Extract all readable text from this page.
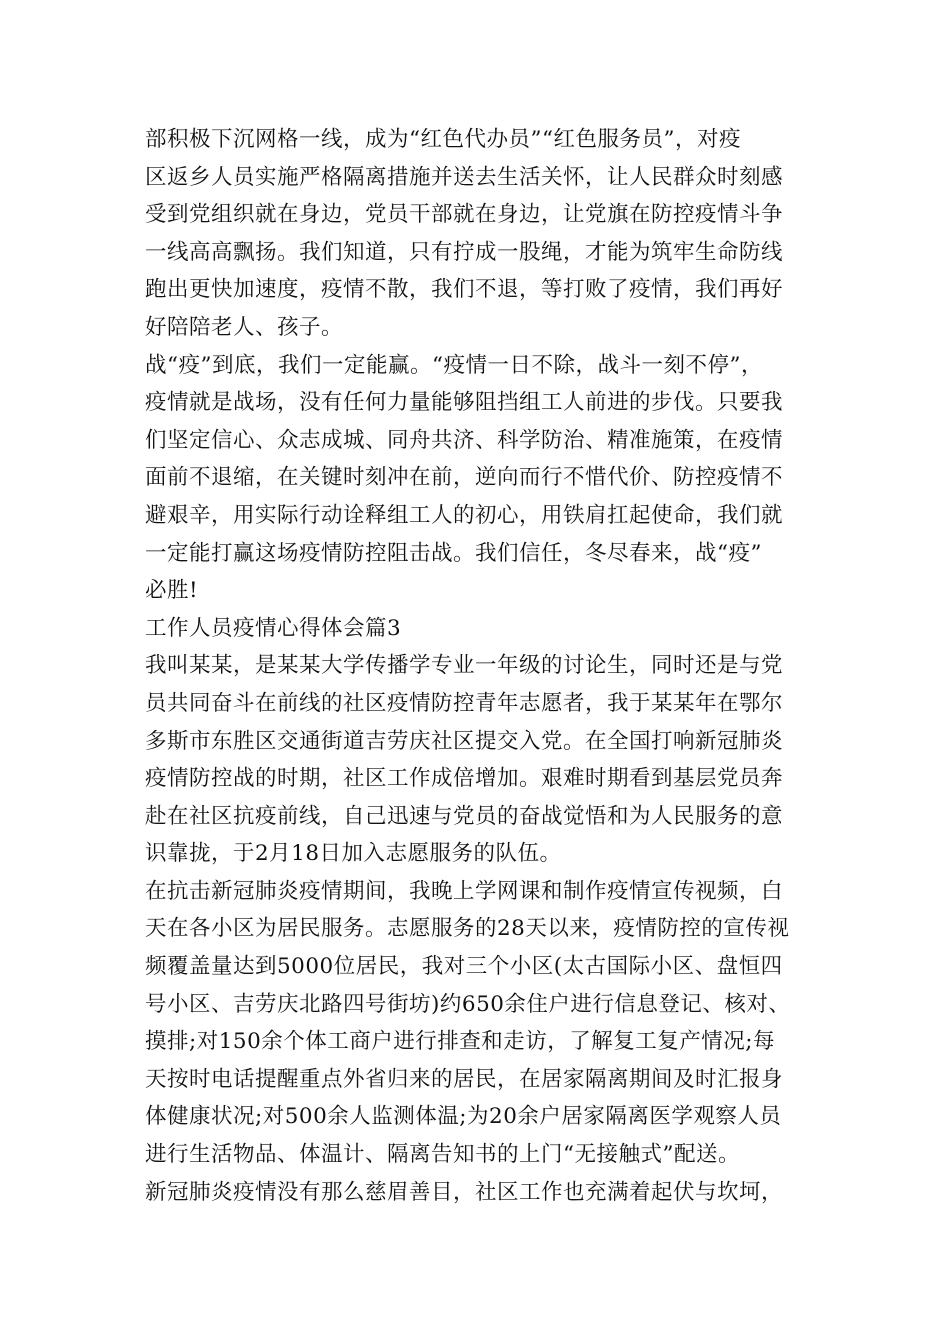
部积极下沉网格一线，成为“红色代办员”“红色服务员”，对疫
区返乡人员实施严格隔离措施并送去生活关怀，让人民群众时刻感
受到党组织就在身边，党员干部就在身边，让党旗在防控疫情斗争
一线高高飘扬。我们知道，只有拧成一股绳，才能为筑牢生命防线
跑出更快加速度，疫情不散，我们不退，等打败了疫情，我们再好
好陪陪老人、孩子。
战“疫”到底，我们一定能赢。“疫情一日不除，战斗一刻不停”，
疫情就是战场，没有任何力量能够阻挡组工人前进的步伐。只要我
们坚定信心、众志成城、同舟共济、科学防治、精准施策，在疫情
面前不退缩，在关键时刻冲在前，逆向而行不惜代价、防控疫情不
避艰辛，用实际行动诠释组工人的初心，用铁肩扛起使命，我们就
一定能打赢这场疫情防控阻击战。我们信任，冬尽春来，战“疫”
必胜!
工作人员疫情心得体会篇3
我叫某某，是某某大学传播学专业一年级的讨论生，同时还是与党
员共同奋斗在前线的社区疫情防控青年志愿者，我于某某年在鄂尔
多斯市东胜区交通街道吉劳庆社区提交入党。在全国打响新冠肺炎
疫情防控战的时期，社区工作成倍增加。艰难时期看到基层党员奔
赴在社区抗疫前线，自己迅速与党员的奋战觉悟和为人民服务的意
识靠拢，于2月18日加入志愿服务的队伍。
在抗击新冠肺炎疫情期间，我晚上学网课和制作疫情宣传视频，白
天在各小区为居民服务。志愿服务的28天以来，疫情防控的宣传视
频覆盖量达到5000位居民，我对三个小区(太古国际小区、盘恒四
号小区、吉劳庆北路四号街坊)约650余住户进行信息登记、核对、
摸排;对150余个体工商户进行排查和走访，了解复工复产情况;每
天按时电话提醒重点外省归来的居民，在居家隔离期间及时汇报身
体健康状况;对500余人监测体温;为20余户居家隔离医学观察人员
进行生活物品、体温计、隔离告知书的上门“无接触式”配送。
新冠肺炎疫情没有那么慈眉善目，社区工作也充满着起伏与坎坷，
